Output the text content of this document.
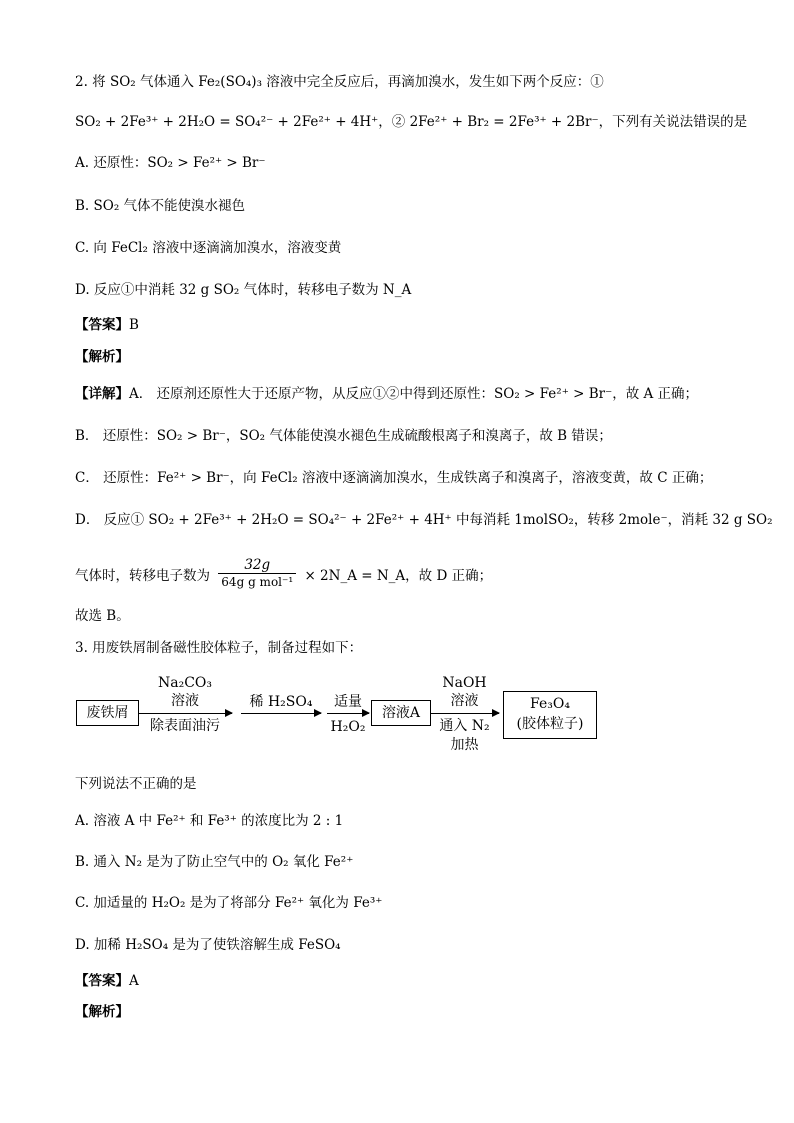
2. 将 SO₂ 气体通入 Fe₂(SO₄)₃ 溶液中完全反应后，再滴加溴水，发生如下两个反应：①
SO₂ + 2Fe³⁺ + 2H₂O = SO₄²⁻ + 2Fe²⁺ + 4H⁺，② 2Fe²⁺ + Br₂ = 2Fe³⁺ + 2Br⁻，下列有关说法错误的是
A. 还原性：SO₂ > Fe²⁺ > Br⁻
B. SO₂ 气体不能使溴水褪色
C. 向 FeCl₂ 溶液中逐滴滴加溴水，溶液变黄
D. 反应①中消耗 32 g SO₂ 气体时，转移电子数为 N_A
【答案】B
【解析】
【详解】A． 还原剂还原性大于还原产物，从反应①②中得到还原性：SO₂ > Fe²⁺ > Br⁻，故 A 正确；
B． 还原性：SO₂ > Br⁻，SO₂ 气体能使溴水褪色生成硫酸根离子和溴离子，故 B 错误；
C． 还原性：Fe²⁺ > Br⁻，向 FeCl₂ 溶液中逐滴滴加溴水，生成铁离子和溴离子，溶液变黄，故 C 正确；
D． 反应① SO₂ + 2Fe³⁺ + 2H₂O = SO₄²⁻ + 2Fe²⁺ + 4H⁺ 中每消耗 1molSO₂，转移 2mole⁻，消耗 32 g SO₂
气体时，转移电子数为
32g
64g g mol⁻¹ × 2N_A = N_A，故 D 正确；
故选 B。
3. 用废铁屑制备磁性胶体粒子，制备过程如下：
废铁屑
Na₂CO₃
溶液
除表面油污
稀 H₂SO₄	适量
H₂O₂
溶液A
NaOH
溶液
通入 N₂
加热
Fe₃O₄
(胶体粒子)
下列说法不正确的是
A. 溶液 A 中 Fe²⁺ 和 Fe³⁺ 的浓度比为 2 : 1
B. 通入 N₂ 是为了防止空气中的 O₂ 氧化 Fe²⁺
C. 加适量的 H₂O₂ 是为了将部分 Fe²⁺ 氧化为 Fe³⁺
D. 加稀 H₂SO₄ 是为了使铁溶解生成 FeSO₄
【答案】A
【解析】
